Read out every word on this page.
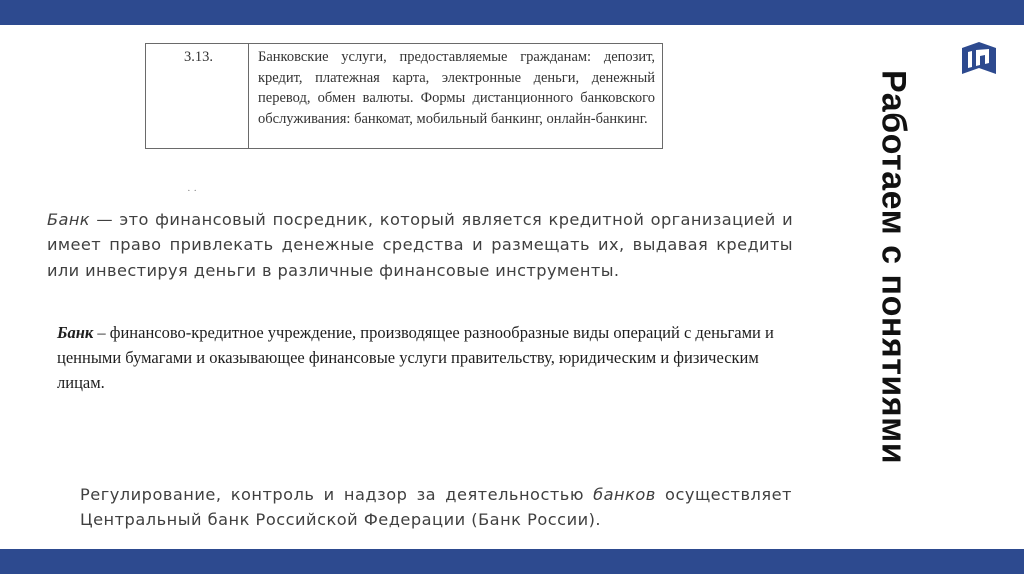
3.13.	Банковские услуги, предоставляемые гражданам: депозит, кредит, платежная карта, электронные деньги, денежный перевод, обмен валюты. Формы дистанционного банковского обслуживания: банкомат, мобильный банкинг, онлайн-банкинг.
· ·
Банк — это финансовый посредник, который является кредитной организацией и имеет право привлекать денежные средства и размещать их, выдавая кредиты или инвестируя деньги в различные финансовые инструменты.
Банк – финансово-кредитное учреждение, производящее разнообразные виды операций с деньгами и ценными бумагами и оказывающее финансовые услуги правительству, юридическим и физическим лицам.
Регулирование, контроль и надзор за деятельностью банков осуществляет Центральный банк Российской Федерации (Банк России).
Работаем с понятиями
